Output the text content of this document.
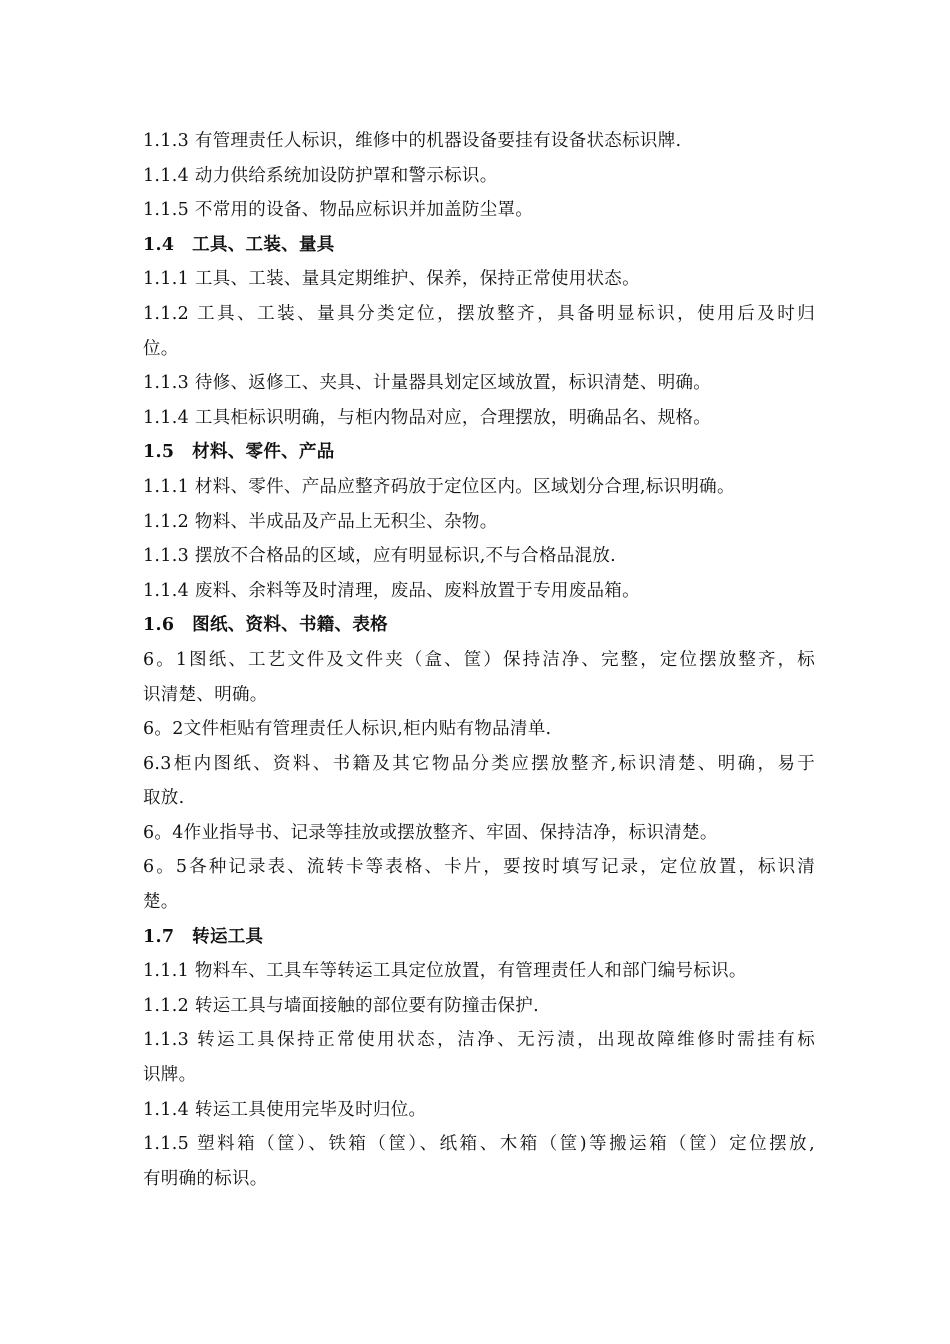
1.1.3 有管理责任人标识，维修中的机器设备要挂有设备状态标识牌.
1.1.4 动力供给系统加设防护罩和警示标识。
1.1.5 不常用的设备、物品应标识并加盖防尘罩。
1.4　工具、工装、量具
1.1.1 工具、工装、量具定期维护、保养，保持正常使用状态。
1.1.2 工具、工装、量具分类定位，摆放整齐，具备明显标识，使用后及时归
位。
1.1.3 待修、返修工、夹具、计量器具划定区域放置，标识清楚、明确。
1.1.4 工具柜标识明确，与柜内物品对应，合理摆放，明确品名、规格。
1.5　材料、零件、产品
1.1.1 材料、零件、产品应整齐码放于定位区内。区域划分合理,标识明确。
1.1.2 物料、半成品及产品上无积尘、杂物。
1.1.3 摆放不合格品的区域，应有明显标识,不与合格品混放.
1.1.4 废料、余料等及时清理，废品、废料放置于专用废品箱。
1.6　图纸、资料、书籍、表格
6。1图纸、工艺文件及文件夹（盒、筐）保持洁净、完整，定位摆放整齐，标
识清楚、明确。
6。2文件柜贴有管理责任人标识,柜内贴有物品清单.
6.3柜内图纸、资料、书籍及其它物品分类应摆放整齐,标识清楚、明确，易于
取放.
6。4作业指导书、记录等挂放或摆放整齐、牢固、保持洁净，标识清楚。
6。5各种记录表、流转卡等表格、卡片，要按时填写记录，定位放置，标识清
楚。
1.7　转运工具
1.1.1 物料车、工具车等转运工具定位放置，有管理责任人和部门编号标识。
1.1.2 转运工具与墙面接触的部位要有防撞击保护.
1.1.3 转运工具保持正常使用状态，洁净、无污渍，出现故障维修时需挂有标
识牌。
1.1.4 转运工具使用完毕及时归位。
1.1.5 塑料箱（筐）、铁箱（筐）、纸箱、木箱（筐)等搬运箱（筐）定位摆放,
有明确的标识。
